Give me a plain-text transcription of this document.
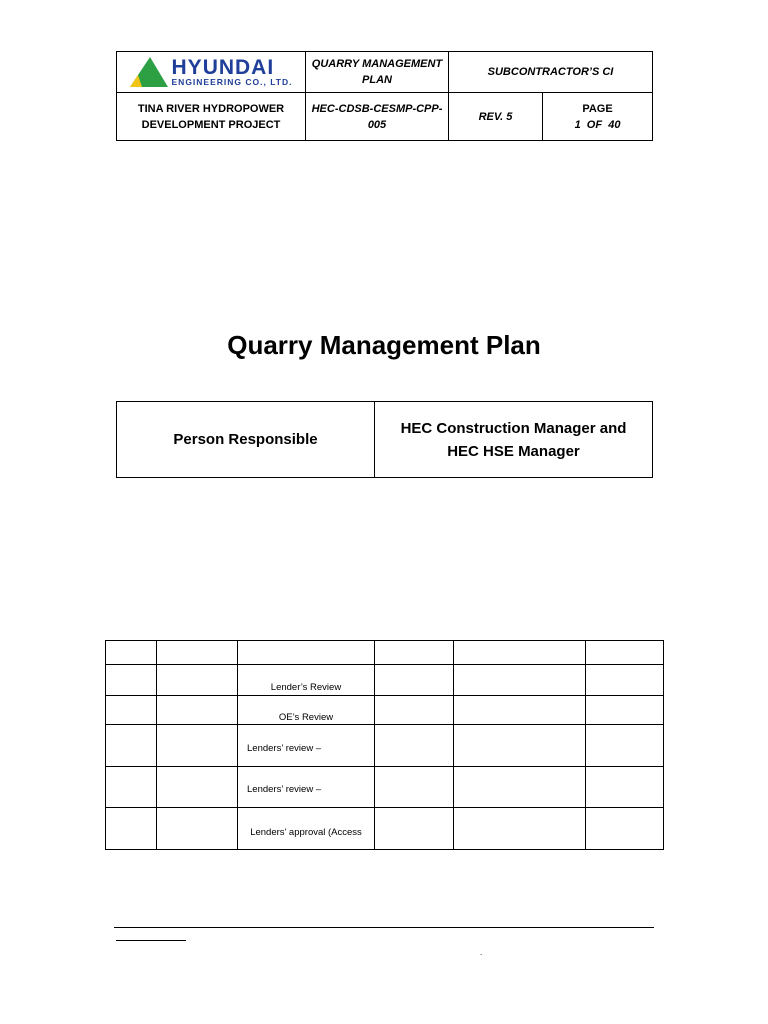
HYUNDAI
ENGINEERING CO., LTD.	QUARRY MANAGEMENT PLAN	SUBCONTRACTOR’S CI	
TINA RIVER HYDROPOWER DEVELOPMENT PROJECT	HEC-CDSB-CESMP-CPP-005	REV. 5	PAGE
1  OF  40
Quarry Management Plan
Person Responsible	HEC Construction Manager and HEC HSE Manager

		Lender’s Review			
		OE’s Review			
		Lenders’ review –			
		Lenders’ review –			
		Lenders’ approval (Access			
.
